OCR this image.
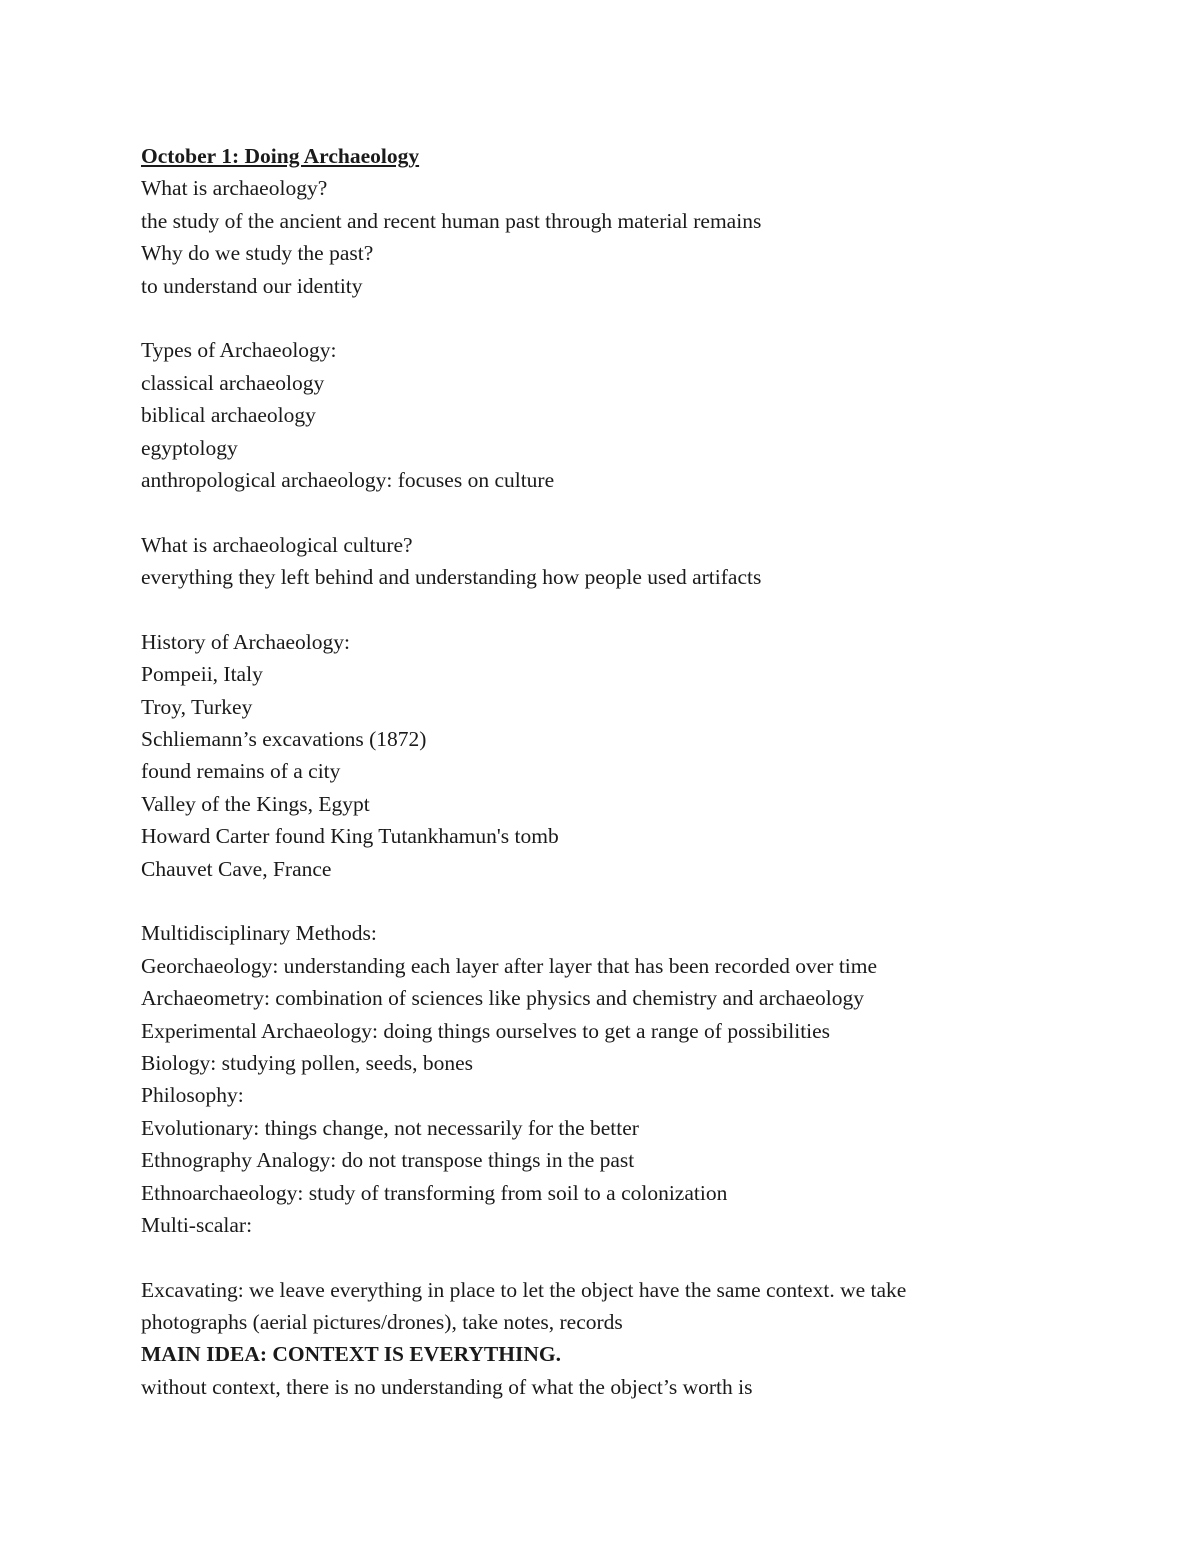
October 1: Doing Archaeology
What is archaeology?
the study of the ancient and recent human past through material remains
Why do we study the past?
to understand our identity
Types of Archaeology:
classical archaeology
biblical archaeology
egyptology
anthropological archaeology: focuses on culture
What is archaeological culture?
everything they left behind and understanding how people used artifacts
History of Archaeology:
Pompeii, Italy
Troy, Turkey
Schliemann’s excavations (1872)
found remains of a city
Valley of the Kings, Egypt
Howard Carter found King Tutankhamun's tomb
Chauvet Cave, France
Multidisciplinary Methods:
Georchaeology: understanding each layer after layer that has been recorded over time
Archaeometry: combination of sciences like physics and chemistry and archaeology
Experimental Archaeology: doing things ourselves to get a range of possibilities
Biology: studying pollen, seeds, bones
Philosophy:
Evolutionary: things change, not necessarily for the better
Ethnography Analogy: do not transpose things in the past
Ethnoarchaeology: study of transforming from soil to a colonization
Multi-scalar:
Excavating: we leave everything in place to let the object have the same context. we take
photographs (aerial pictures/drones), take notes, records
MAIN IDEA: CONTEXT IS EVERYTHING.
without context, there is no understanding of what the object’s worth is
